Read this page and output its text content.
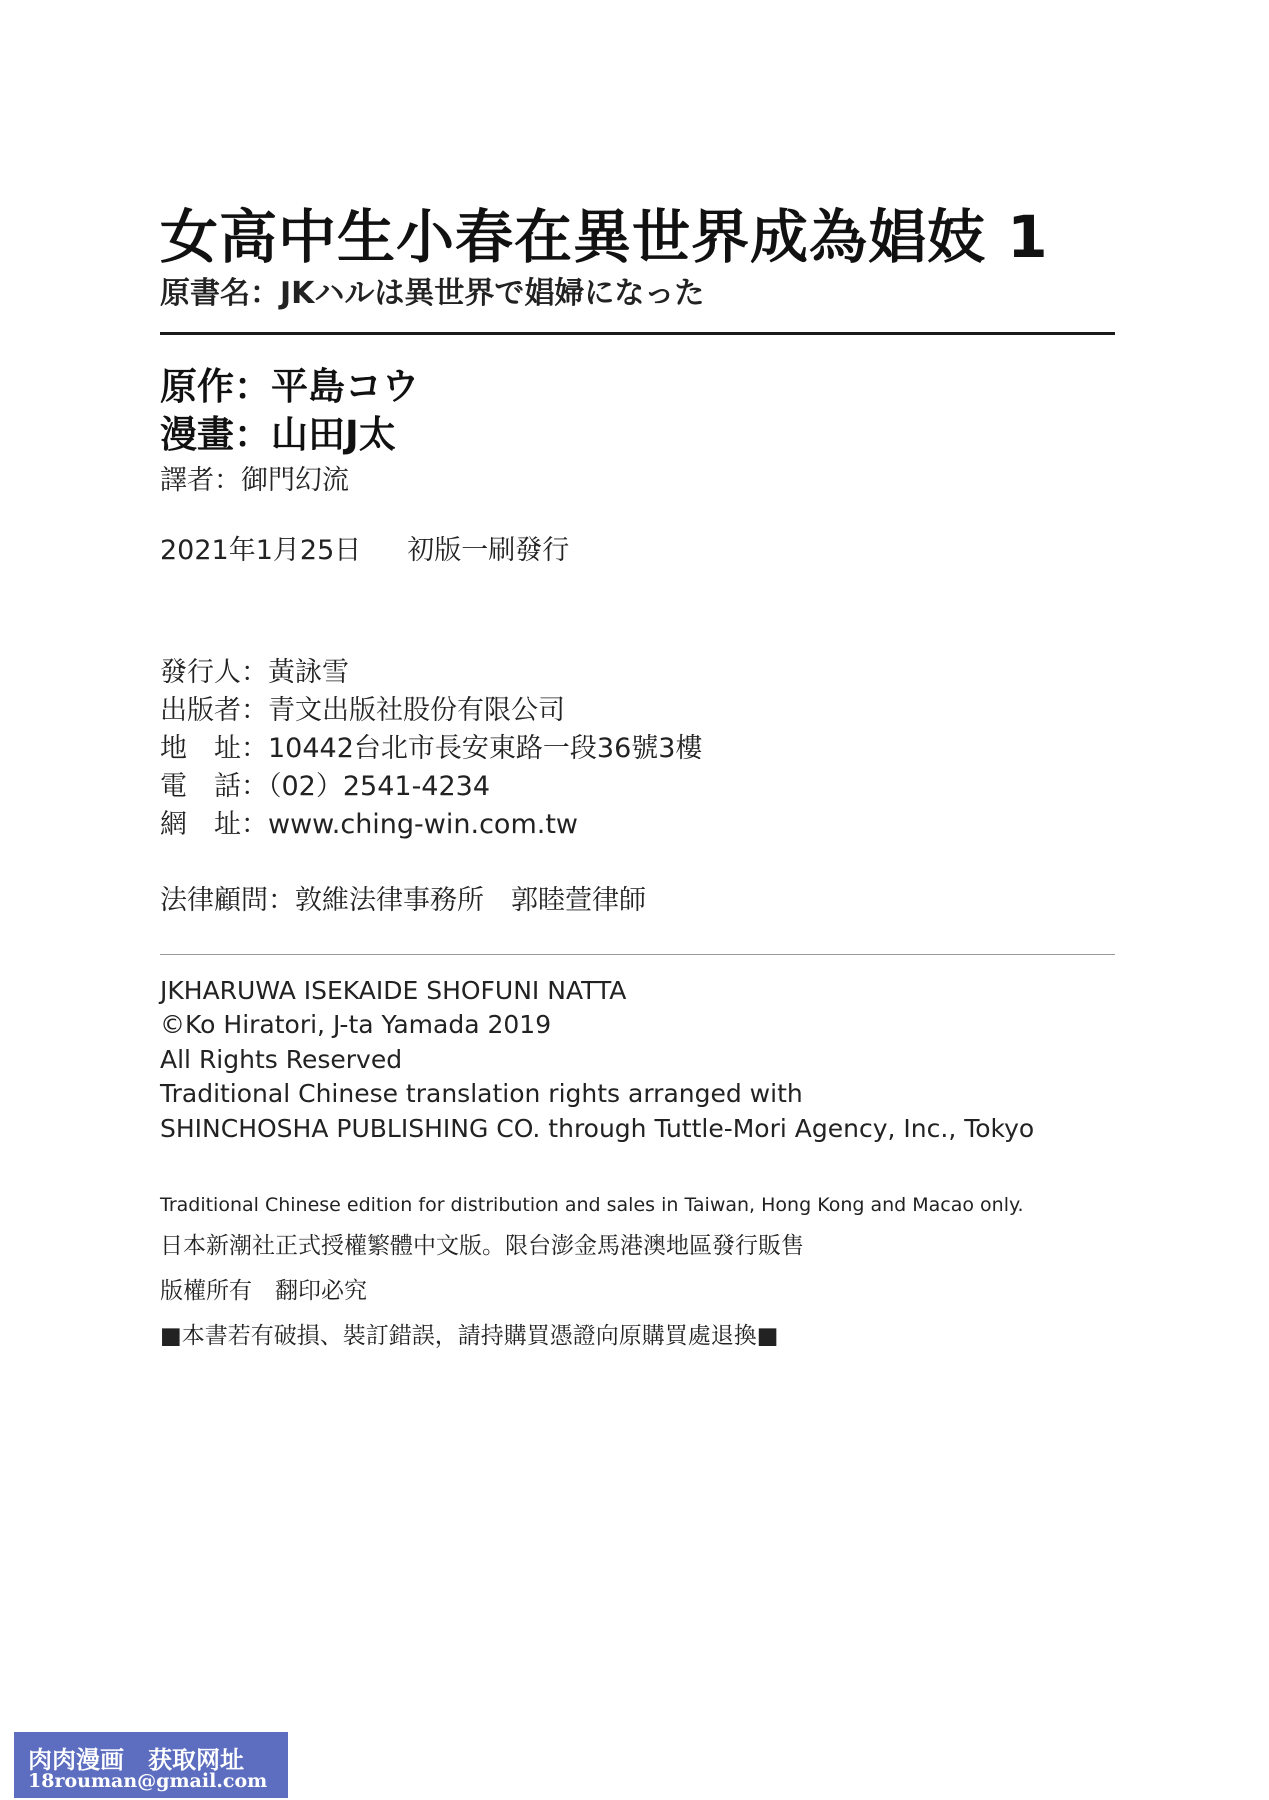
女高中生小春在異世界成為娼妓 1
原書名：JKハルは異世界で娼婦になった
原作：平島コウ
漫畫：山田J太
譯者：御門幻流
2021年1月25日 初版一刷發行
發行人：黃詠雪
出版者：青文出版社股份有限公司
地　址：10442台北市長安東路一段36號3樓
電　話：（02）2541-4234
網　址：www.ching-win.com.tw
法律顧問：敦維法律事務所　郭睦萱律師
JKHARUWA ISEKAIDE SHOFUNI NATTA
©Ko Hiratori, J-ta Yamada 2019
All Rights Reserved
Traditional Chinese translation rights arranged with
SHINCHOSHA PUBLISHING CO. through Tuttle-Mori Agency, Inc., Tokyo
Traditional Chinese edition for distribution and sales in Taiwan, Hong Kong and Macao only.
日本新潮社正式授權繁體中文版。限台澎金馬港澳地區發行販售
版權所有　翻印必究
■本書若有破損、裝訂錯誤，請持購買憑證向原購買處退換■
肉肉漫画　获取网址
18rouman@gmail.com
